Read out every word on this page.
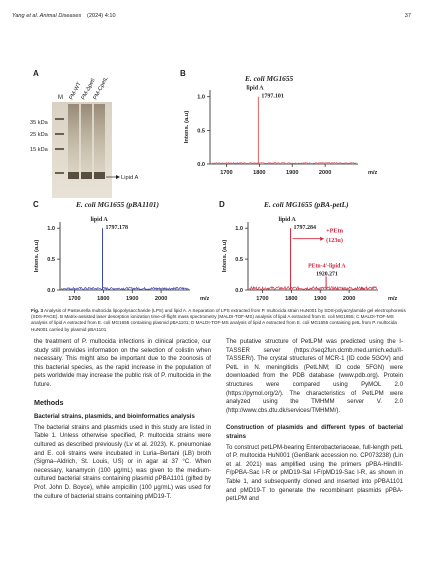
Yang et al. Animal Diseases (2024) 4:10	37
A
M PM-WT
PM-Δpetl
PM-CpetL
35 kDa
25 kDa
15 kDa
Lipid A
B
E. coli MG1655
C	E. coli MG1655 (pBA1101)	D	E. coli MG1655 (pBA-petL)
0.0
0.5
1.0
1700	1800	1900	2000	m/z
Intens. (a.u)
lipid A
1797.101
0.0
0.5
1.0
1700	1800	1900	2000	m/z
Intens. (a.u)
lipid A
1797.178
0.0
0.5
1.0
1700	1800	1900	2000	m/z
Intens. (a.u)
lipid A
1797.284
PEtn-4'-lipid A
1920.271
+PEtn
(123u)
Fig. 3 Analysis of Pasteurella multocida lipopolysaccharide (LPS) and lipid A. A Separation of LPS extracted from P. multocida strain HuN001 by SDS-polyacrylamide gel electrophoresis (SDS-PAGE). B Matrix-assisted laser desorption ionization time-of-flight mass spectrometry (MALDI-TOF-MS) analysis of lipid A extracted from E. coli MG1655; C MALDI-TOF-MS analysis of lipid A extracted from E. coli MG1655 containing plasmid pBA1101; D MALDI-TOF-MS analysis of lipid A extracted from E. coli MG1655 containing petL from P. multocida HuN001 carried by plasmid pBA1101

the treatment of P. multocida infections in clinical practice, our study still provides information on the selection of colistin when necessary. This might also be important due to the zoonosis of this bacterial species, as the rapid increase in the population of pets worldwide may increase the public risk of P. multocida in the future.

Methods
Bacterial strains, plasmids, and bioinformatics analysis

The bacterial strains and plasmids used in this study are listed in Table 1. Unless otherwise specified, P. multocida strains were cultured as described previously (Lv et al. 2023). K. pneumoniae and E. coli strains were incubated in Luria–Bertani (LB) broth (Sigma–Aldrich, St. Louis, US) or in agar at 37 °C. When necessary, kanamycin (100 μg/mL) was given to the medium-cultured bacterial strains containing plasmid pPBA1101 (gifted by Prof. John D. Boyce), while ampicillin (100 μg/mL) was used for the culture of bacterial strains containing pMD19-T.

The putative structure of PetLPM was predicted using the I-TASSER server (https://seq2fun.dcmb.med.umich.edu//I-TASSER/). The crystal structures of MCR-1 (ID code 5GOV) and PetL in N. meningitidis (PetLNM; ID code 5FGN) were downloaded from the PDB database (www.pdb.org). Protein structures were compared using PyMOL 2.0 (https://pymol.org/2/). The characteristics of PetLPM were analyzed using the TMHMM server V. 2.0 (http://www.cbs.dtu.dk/services/TMHMM/).

Construction of plasmids and different types of bacterial strains

To construct petLPM-bearing Enterobacteriaceae, full-length petL of P. multocida HuN001 (GenBank accession no. CP073238) (Lin et al. 2021) was amplified using the primers pPBA-HindIII-F/pPBA-Sac I-R or pMD19-Sal I-F/pMD19-Sac I-R, as shown in Table 1, and subsequently cloned and inserted into pPBA1101 and pMD19-T to generate the recombinant plasmids pPBA-petLPM and
